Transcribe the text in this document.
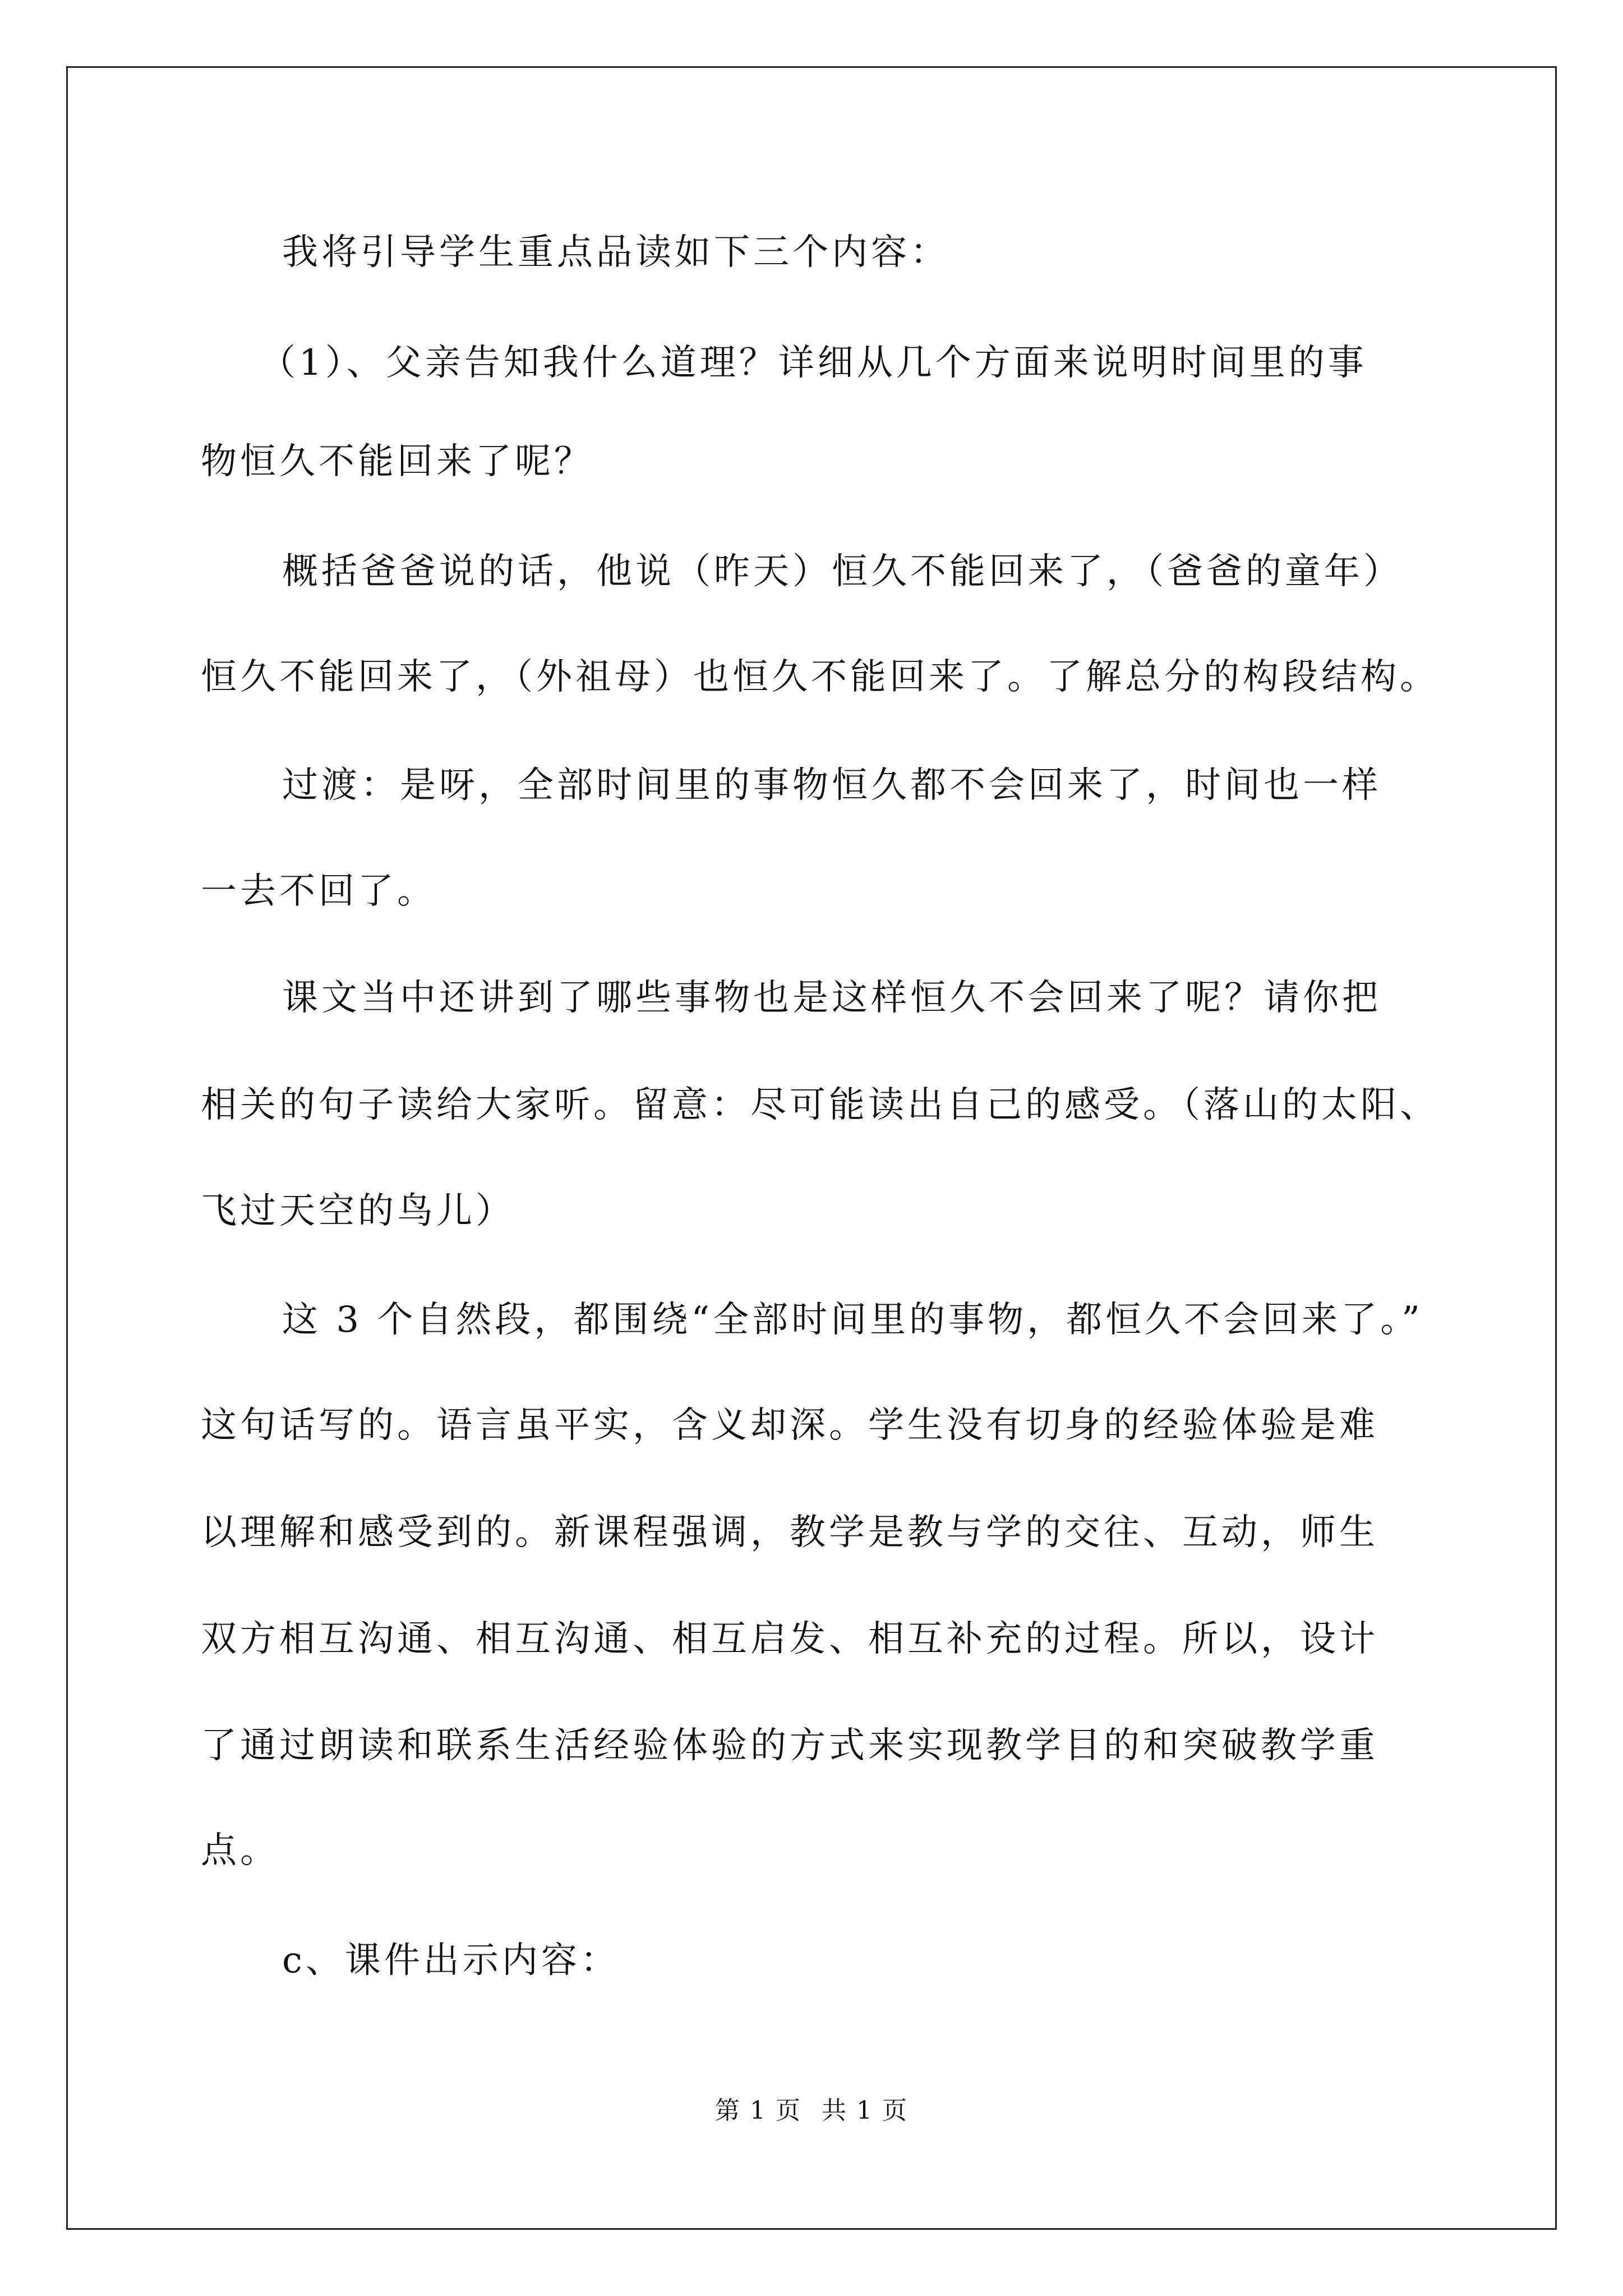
我将引导学生重点品读如下三个内容：
（1）、父亲告知我什么道理？详细从几个方面来说明时间里的事
物恒久不能回来了呢？
概括爸爸说的话，他说（昨天）恒久不能回来了，（爸爸的童年）
恒久不能回来了，（外祖母）也恒久不能回来了。了解总分的构段结构。
过渡：是呀，全部时间里的事物恒久都不会回来了，时间也一样
一去不回了。
课文当中还讲到了哪些事物也是这样恒久不会回来了呢？请你把
相关的句子读给大家听。留意：尽可能读出自己的感受。（落山的太阳、
飞过天空的鸟儿）
这 3 个自然段，都围绕“全部时间里的事物，都恒久不会回来了。”
这句话写的。语言虽平实，含义却深。学生没有切身的经验体验是难
以理解和感受到的。新课程强调，教学是教与学的交往、互动，师生
双方相互沟通、相互沟通、相互启发、相互补充的过程。所以，设计
了通过朗读和联系生活经验体验的方式来实现教学目的和突破教学重
点。
c、课件出示内容：
第 1 页 共 1 页
